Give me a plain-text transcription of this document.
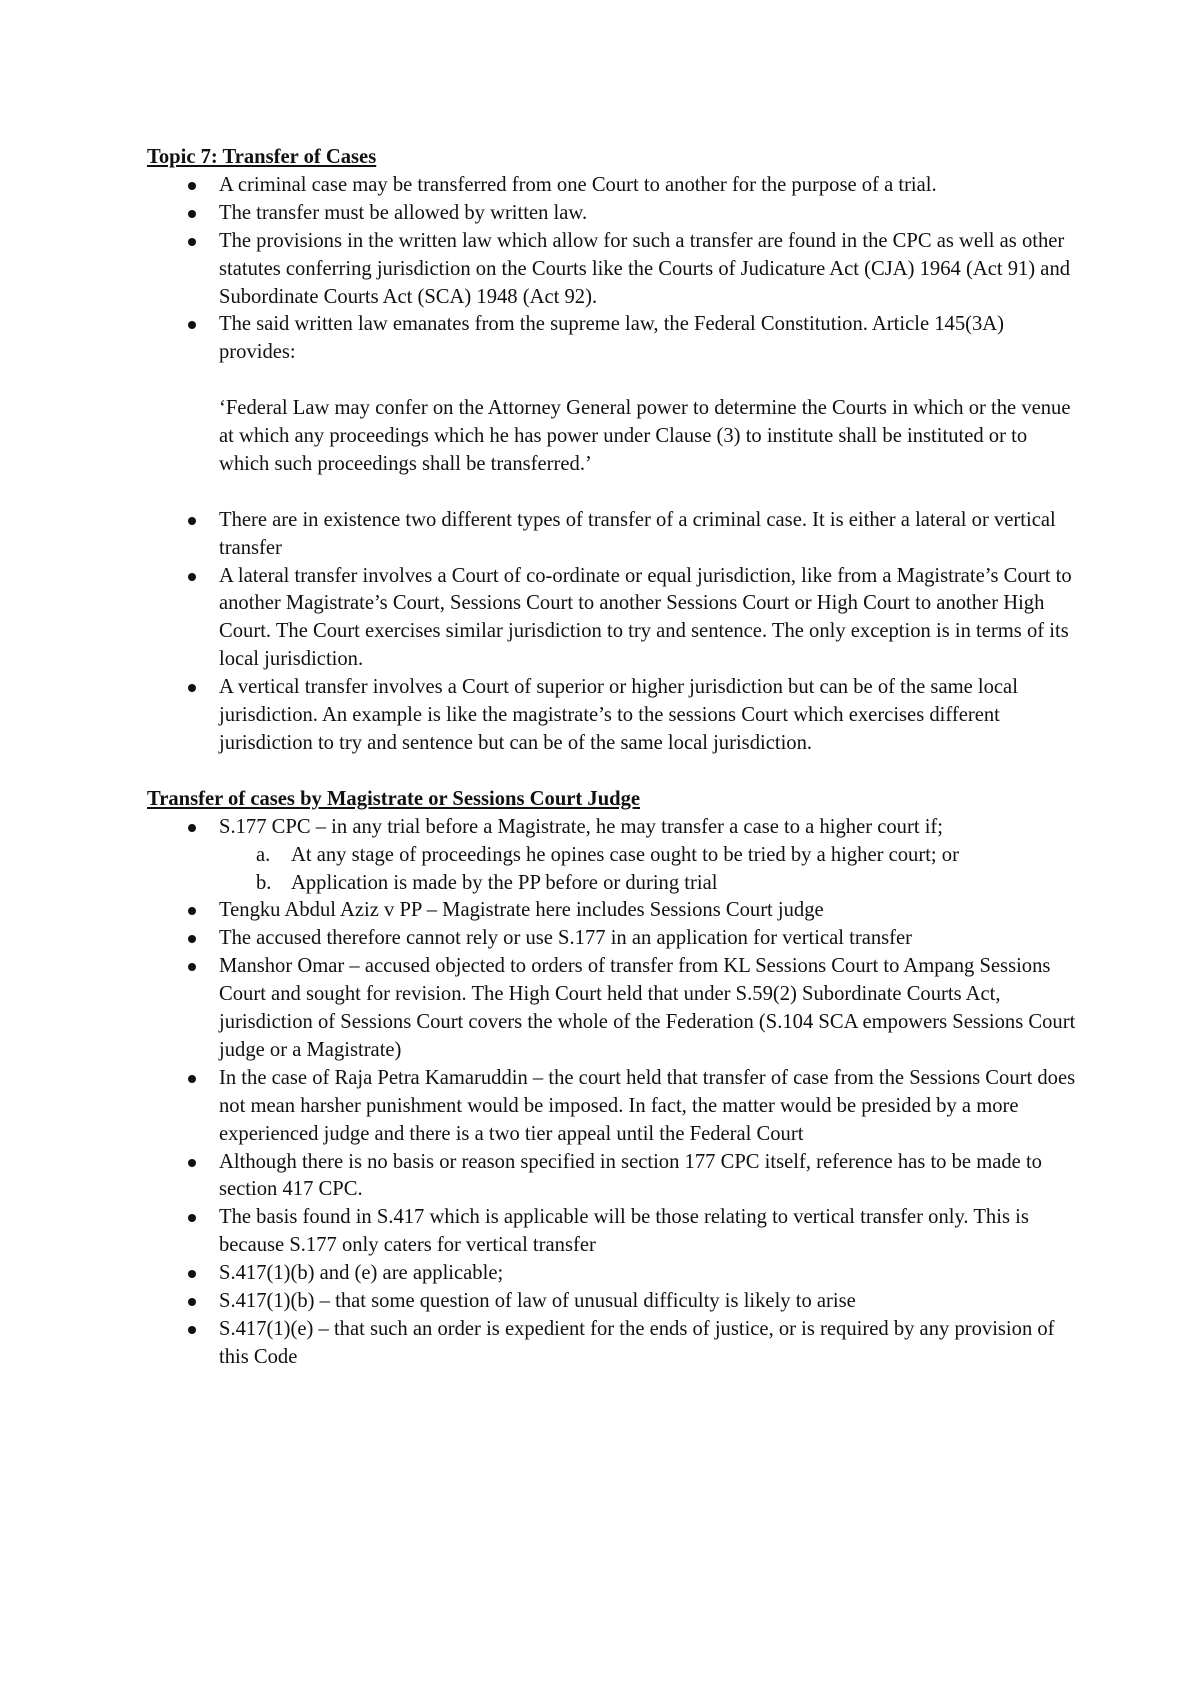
Topic 7: Transfer of Cases
A criminal case may be transferred from one Court to another for the purpose of a trial.
The transfer must be allowed by written law.
The provisions in the written law which allow for such a transfer are found in the CPC as well as other statutes conferring jurisdiction on the Courts like the Courts of Judicature Act (CJA) 1964 (Act 91) and Subordinate Courts Act (SCA) 1948 (Act 92).
The said written law emanates from the supreme law, the Federal Constitution. Article 145(3A) provides:
‘Federal Law may confer on the Attorney General power to determine the Courts in which or the venue at which any proceedings which he has power under Clause (3) to institute shall be instituted or to which such proceedings shall be transferred.’
There are in existence two different types of transfer of a criminal case. It is either a lateral or vertical transfer
A lateral transfer involves a Court of co-ordinate or equal jurisdiction, like from a Magistrate’s Court to another Magistrate’s Court, Sessions Court to another Sessions Court or High Court to another High Court. The Court exercises similar jurisdiction to try and sentence. The only exception is in terms of its local jurisdiction.
A vertical transfer involves a Court of superior or higher jurisdiction but can be of the same local jurisdiction. An example is like the magistrate’s to the sessions Court which exercises different jurisdiction to try and sentence but can be of the same local jurisdiction.
Transfer of cases by Magistrate or Sessions Court Judge
S.177 CPC – in any trial before a Magistrate, he may transfer a case to a higher court if;
a. At any stage of proceedings he opines case ought to be tried by a higher court; or
b. Application is made by the PP before or during trial
Tengku Abdul Aziz v PP – Magistrate here includes Sessions Court judge
The accused therefore cannot rely or use S.177 in an application for vertical transfer
Manshor Omar – accused objected to orders of transfer from KL Sessions Court to Ampang Sessions Court and sought for revision. The High Court held that under S.59(2) Subordinate Courts Act, jurisdiction of Sessions Court covers the whole of the Federation (S.104 SCA empowers Sessions Court judge or a Magistrate)
In the case of Raja Petra Kamaruddin – the court held that transfer of case from the Sessions Court does not mean harsher punishment would be imposed. In fact, the matter would be presided by a more experienced judge and there is a two tier appeal until the Federal Court
Although there is no basis or reason specified in section 177 CPC itself, reference has to be made to section 417 CPC.
The basis found in S.417 which is applicable will be those relating to vertical transfer only. This is because S.177 only caters for vertical transfer
S.417(1)(b) and (e) are applicable;
S.417(1)(b) – that some question of law of unusual difficulty is likely to arise
S.417(1)(e) – that such an order is expedient for the ends of justice, or is required by any provision of this Code
